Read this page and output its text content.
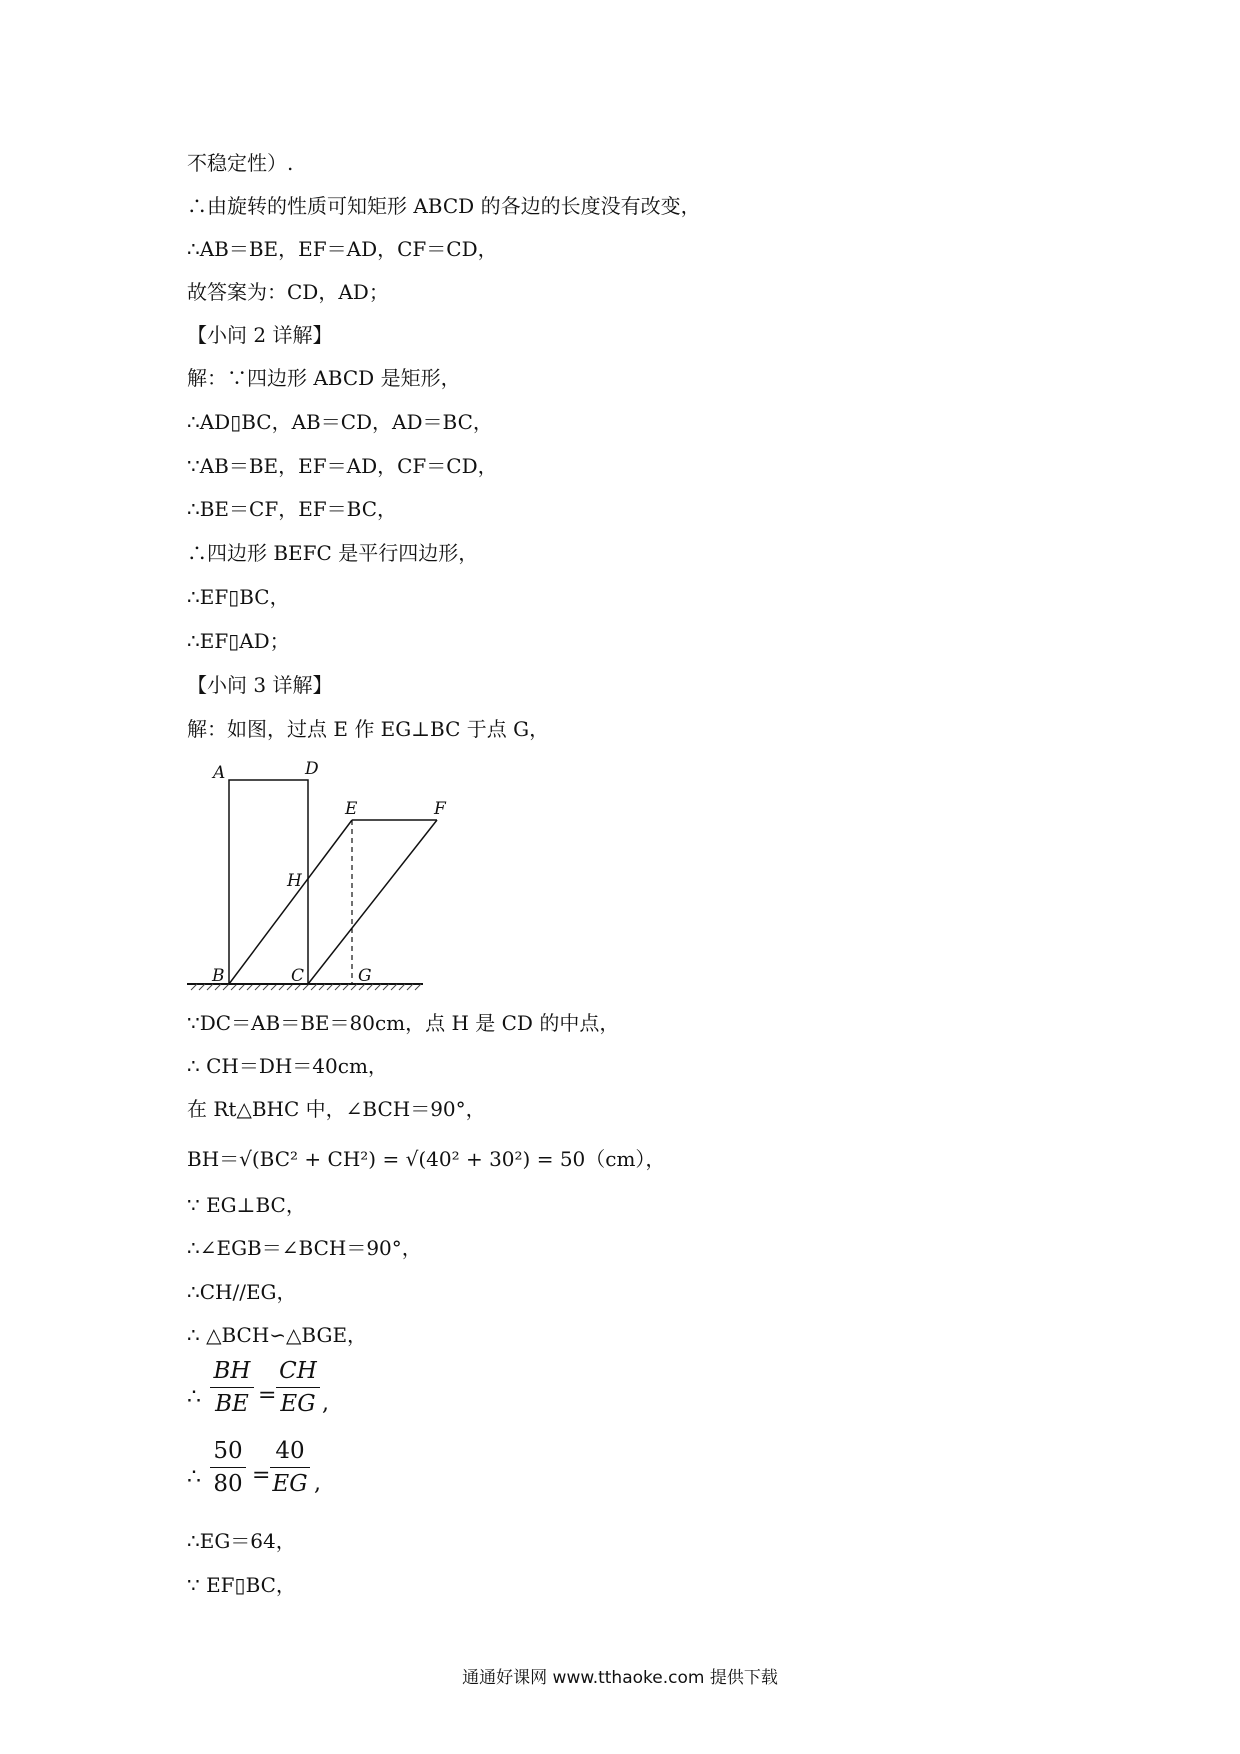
不稳定性）.
∴由旋转的性质可知矩形 ABCD 的各边的长度没有改变，
∴AB＝BE，EF＝AD，CF＝CD，
故答案为：CD，AD；
【小问 2 详解】
解：∵四边形 ABCD 是矩形，
∴AD▯BC，AB＝CD，AD＝BC，
∵AB＝BE，EF＝AD，CF＝CD，
∴BE＝CF，EF＝BC，
∴四边形 BEFC 是平行四边形，
∴EF▯BC，
∴EF▯AD；
【小问 3 详解】
解：如图，过点 E 作 EG⊥BC 于点 G，
A	D
E	F
H
B	C	G
∵DC＝AB＝BE＝80cm，点 H 是 CD 的中点，
∴ CH＝DH＝40cm，
在 Rt△BHC 中，∠BCH＝90°，
BH＝√(BC² + CH²) = √(40² + 30²) = 50（cm），
∵ EG⊥BC，
∴∠EGB＝∠BCH＝90°，
∴CH//EG，
∴ △BCH∽△BGE，
∴
BH
BE =
CH
EG ,
∴
50
80 =
40
EG ,
∴EG＝64，
∵ EF▯BC，
通通好课网 www.tthaoke.com 提供下载
